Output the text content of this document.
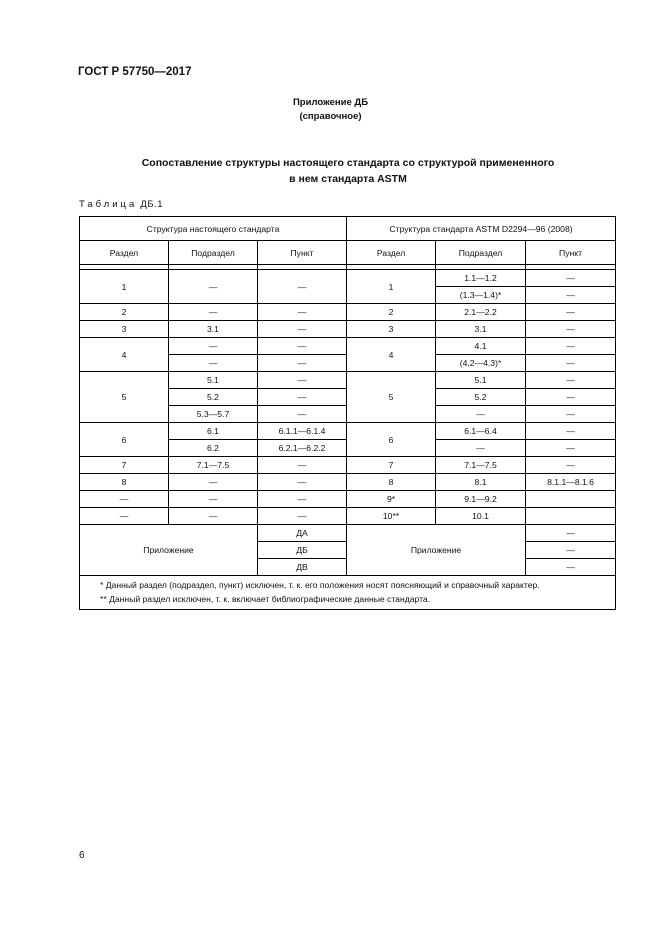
ГОСТ Р 57750—2017
Приложение ДБ
(справочное)
Сопоставление структуры настоящего стандарта со структурой примененного
в нем стандарта ASTM
Таблица ДБ.1
Структура настоящего стандарта			Структура стандарта ASTM D2294—96 (2008)		
Раздел	Подраздел	Пункт	Раздел	Подраздел	Пункт

1	—	—	1	1.1—1.2	—
				(1.3—1.4)*	—
2	—	—	2	2.1—2.2	—
3	3.1	—	3	3.1	—
4	—	—	4	4.1	—
	—	—		(4.2—4.3)*	—
5	5.1	—	5	5.1	—
	5.2	—		5.2	—
	5.3—5.7	—		—	—
6	6.1	6.1.1—6.1.4	6	6.1—6.4	—
	6.2	6.2.1—6.2.2		—	—
7	7.1—7.5	—	7	7.1—7.5	—
8	—	—	8	8.1	8.1.1—8.1.6
—	—	—	9*	9.1—9.2	
—	—	—	10**	10.1	
Приложение		ДА	Приложение		—
		ДБ			—
		ДВ			—

* Данный раздел (подраздел, пункт) исключен, т. к. его положения носят поясняющий и справочный характер.
** Данный раздел исключен, т. к. включает библиографические данные стандарта.					
6
